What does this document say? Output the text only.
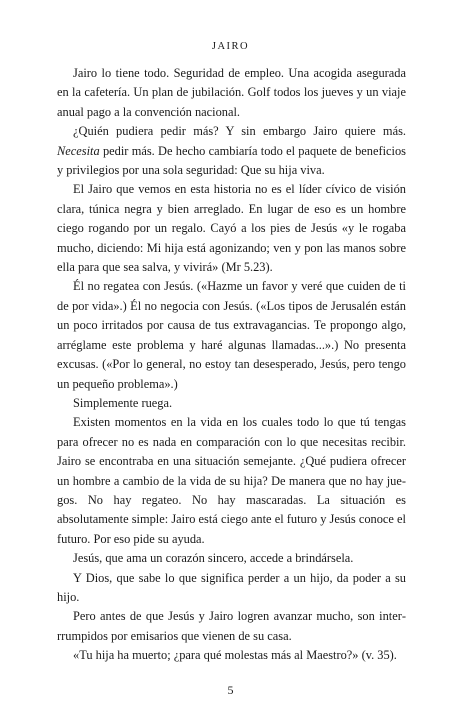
JAIRO

Jairo lo tiene todo. Seguridad de empleo. Una acogida asegurada en la cafetería. Un plan de jubilación. Golf todos los jueves y un viaje anual pago a la convención nacional.

¿Quién pudiera pedir más? Y sin embargo Jairo quiere más. Necesita pedir más. De hecho cambiaría todo el paquete de beneficios y privilegios por una sola seguridad: Que su hija viva.

El Jairo que vemos en esta historia no es el líder cívico de visión clara, túnica negra y bien arreglado. En lugar de eso es un hombre ciego rogando por un regalo. Cayó a los pies de Jesús «y le rogaba mucho, diciendo: Mi hija está agonizando; ven y pon las manos sobre ella para que sea salva, y vivirá» (Mr 5.23).

Él no regatea con Jesús. («Hazme un favor y veré que cuiden de ti de por vida».) Él no negocia con Jesús. («Los tipos de Jerusalén están un poco irritados por causa de tus extravagancias. Te propongo algo, arréglame este problema y haré algunas llamadas...».) No presenta excusas. («Por lo general, no estoy tan desesperado, Jesús, pero tengo un pequeño problema».)

Simplemente ruega.

Existen momentos en la vida en los cuales todo lo que tú tengas para ofrecer no es nada en comparación con lo que necesitas recibir. Jairo se encontraba en una situación semejante. ¿Qué pudiera ofrecer un hombre a cambio de la vida de su hija? De manera que no hay juegos. No hay regateo. No hay mascaradas. La situación es absolutamente simple: Jairo está ciego ante el futuro y Jesús conoce el futuro. Por eso pide su ayuda.

Jesús, que ama un corazón sincero, accede a brindársela.

Y Dios, que sabe lo que significa perder a un hijo, da poder a su hijo.

Pero antes de que Jesús y Jairo logren avanzar mucho, son interrrumpidos por emisarios que vienen de su casa.

«Tu hija ha muerto; ¿para qué molestas más al Maestro?» (v. 35).

5
